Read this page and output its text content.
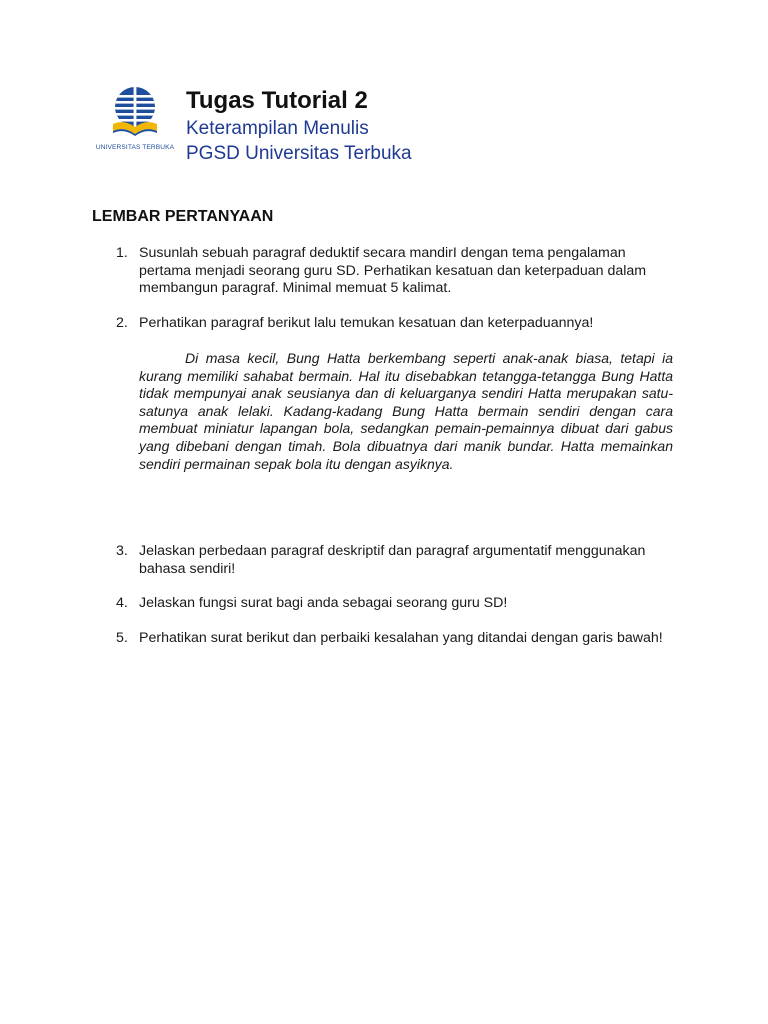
UNIVERSITAS TERBUKA
Tugas Tutorial 2

Keterampilan Menulis

PGSD Universitas Terbuka

LEMBAR PERTANYAAN
1. Susunlah sebuah paragraf deduktif secara mandirI dengan tema pengalaman pertama menjadi seorang guru SD. Perhatikan kesatuan dan keterpaduan dalam membangun paragraf. Minimal memuat 5 kalimat.
2. Perhatikan paragraf berikut lalu temukan kesatuan dan keterpaduannya!

Di masa kecil, Bung Hatta berkembang seperti anak-anak biasa, tetapi ia kurang memiliki sahabat bermain. Hal itu disebabkan tetangga-tetangga Bung Hatta tidak mempunyai anak seusianya dan di keluarganya sendiri Hatta merupakan satu-satunya anak lelaki. Kadang-kadang Bung Hatta bermain sendiri dengan cara membuat miniatur lapangan bola, sedangkan pemain-pemainnya dibuat dari gabus yang dibebani dengan timah. Bola dibuatnya dari manik bundar. Hatta memainkan sendiri permainan sepak bola itu dengan asyiknya.

3. Jelaskan perbedaan paragraf deskriptif dan paragraf argumentatif menggunakan bahasa sendiri!
4. Jelaskan fungsi surat bagi anda sebagai seorang guru SD!
5. Perhatikan surat berikut dan perbaiki kesalahan yang ditandai dengan garis bawah!
